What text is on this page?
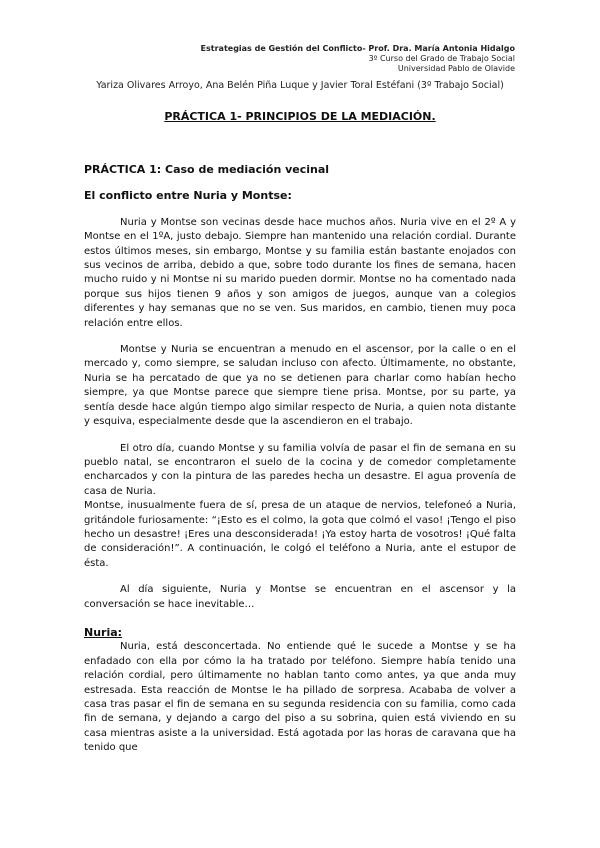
Estrategias de Gestión del Conflicto- Prof. Dra. María Antonia Hidalgo
3º Curso del Grado de Trabajo Social
Universidad Pablo de Olavide
Yariza Olivares Arroyo, Ana Belén Piña Luque y Javier Toral Estéfani (3º Trabajo Social)
PRÁCTICA 1- PRINCIPIOS DE LA MEDIACIÓN.
PRÁCTICA 1: Caso de mediación vecinal
El conflicto entre Nuria y Montse:

Nuria y Montse son vecinas desde hace muchos años. Nuria vive en el 2º A y Montse en el 1ºA, justo debajo. Siempre han mantenido una relación cordial. Durante estos últimos meses, sin embargo, Montse y su familia están bastante enojados con sus vecinos de arriba, debido a que, sobre todo durante los fines de semana, hacen mucho ruido y ni Montse ni su marido pueden dormir. Montse no ha comentado nada porque sus hijos tienen 9 años y son amigos de juegos, aunque van a colegios diferentes y hay semanas que no se ven. Sus maridos, en cambio, tienen muy poca relación entre ellos.

Montse y Nuria se encuentran a menudo en el ascensor, por la calle o en el mercado y, como siempre, se saludan incluso con afecto. Últimamente, no obstante, Nuria se ha percatado de que ya no se detienen para charlar como habían hecho siempre, ya que Montse parece que siempre tiene prisa. Montse, por su parte, ya sentía desde hace algún tiempo algo similar respecto de Nuria, a quien nota distante y esquiva, especialmente desde que la ascendieron en el trabajo.

El otro día, cuando Montse y su familia volvía de pasar el fin de semana en su pueblo natal, se encontraron el suelo de la cocina y de comedor completamente encharcados y con la pintura de las paredes hecha un desastre. El agua provenía de casa de Nuria.

Montse, inusualmente fuera de sí, presa de un ataque de nervios, telefoneó a Nuria, gritándole furiosamente: “¡Esto es el colmo, la gota que colmó el vaso! ¡Tengo el piso hecho un desastre! ¡Eres una desconsiderada! ¡Ya estoy harta de vosotros! ¡Qué falta de consideración!”. A continuación, le colgó el teléfono a Nuria, ante el estupor de ésta.

Al día siguiente, Nuria y Montse se encuentran en el ascensor y la conversación se hace inevitable…

Nuria:

Nuria, está desconcertada. No entiende qué le sucede a Montse y se ha enfadado con ella por cómo la ha tratado por teléfono. Siempre había tenido una relación cordial, pero últimamente no hablan tanto como antes, ya que anda muy estresada. Esta reacción de Montse le ha pillado de sorpresa. Acababa de volver a casa tras pasar el fin de semana en su segunda residencia con su familia, como cada fin de semana, y dejando a cargo del piso a su sobrina, quien está viviendo en su casa mientras asiste a la universidad. Está agotada por las horas de caravana que ha tenido que
